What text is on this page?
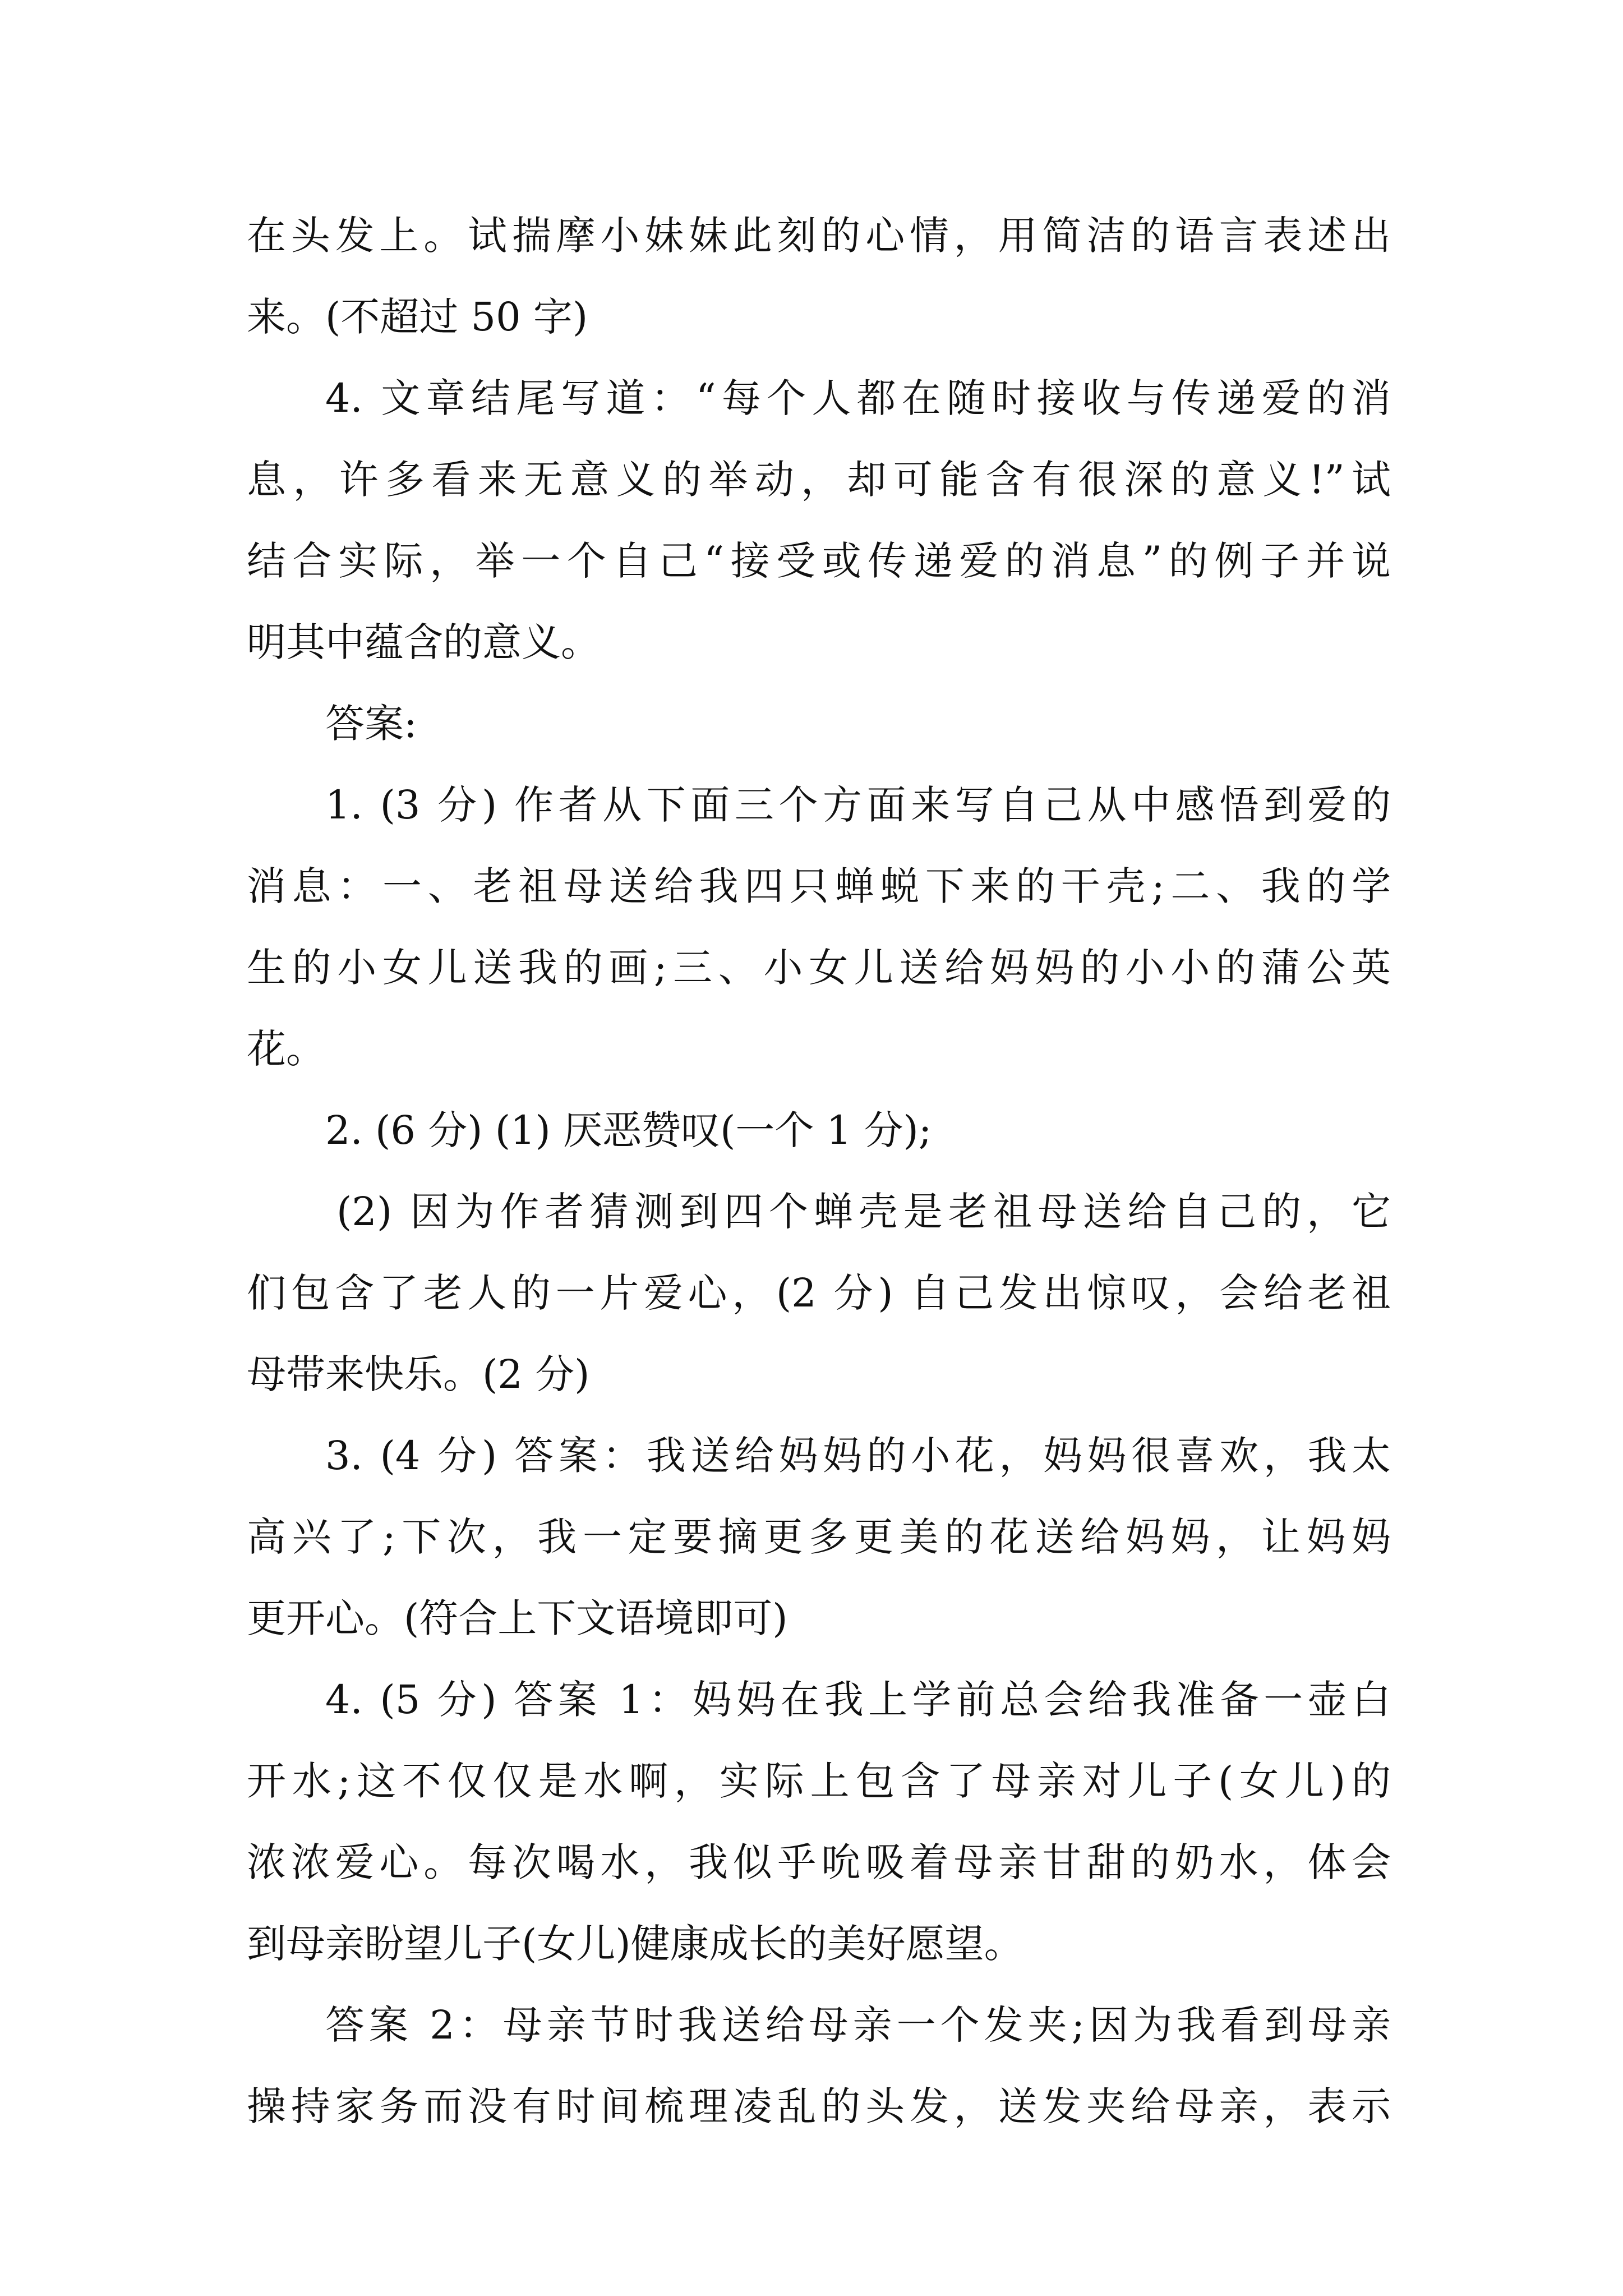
在头发上。试揣摩小妹妹此刻的心情，用简洁的语言表述出
来。(不超过 50 字)
4. 文章结尾写道：“每个人都在随时接收与传递爱的消
息，许多看来无意义的举动，却可能含有很深的意义!”试
结合实际，举一个自己“接受或传递爱的消息”的例子并说
明其中蕴含的意义。
答案:
1. (3 分) 作者从下面三个方面来写自己从中感悟到爱的
消息：一、老祖母送给我四只蝉蜕下来的干壳;二、我的学
生的小女儿送我的画;三、小女儿送给妈妈的小小的蒲公英
花。
2. (6 分) (1) 厌恶赞叹(一个 1 分);
(2) 因为作者猜测到四个蝉壳是老祖母送给自己的，它
们包含了老人的一片爱心，(2 分) 自己发出惊叹，会给老祖
母带来快乐。(2 分)
3. (4 分) 答案：我送给妈妈的小花，妈妈很喜欢，我太
高兴了;下次，我一定要摘更多更美的花送给妈妈，让妈妈
更开心。(符合上下文语境即可)
4. (5 分) 答案 1：妈妈在我上学前总会给我准备一壶白
开水;这不仅仅是水啊，实际上包含了母亲对儿子(女儿)的
浓浓爱心。每次喝水，我似乎吮吸着母亲甘甜的奶水，体会
到母亲盼望儿子(女儿)健康成长的美好愿望。
答案 2：母亲节时我送给母亲一个发夹;因为我看到母亲
操持家务而没有时间梳理凌乱的头发，送发夹给母亲，表示
